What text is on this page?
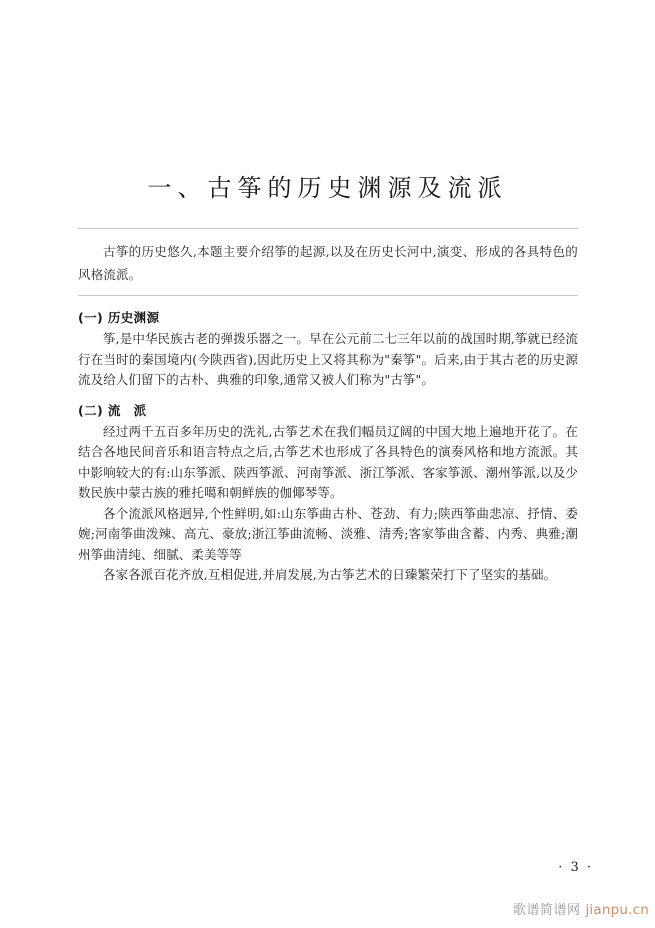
一、古筝的历史渊源及流派

古筝的历史悠久,本题主要介绍筝的起源,以及在历史长河中,演变、形成的各具特色的风格流派。

(一) 历史渊源

筝,是中华民族古老的弹拨乐器之一。早在公元前二七三年以前的战国时期,筝就已经流行在当时的秦国境内(今陕西省),因此历史上又将其称为"秦筝"。后来,由于其古老的历史源流及给人们留下的古朴、典雅的印象,通常又被人们称为"古筝"。

(二) 流　派

经过两千五百多年历史的洗礼,古筝艺术在我们幅员辽阔的中国大地上遍地开花了。在结合各地民间音乐和语言特点之后,古筝艺术也形成了各具特色的演奏风格和地方流派。其中影响较大的有:山东筝派、陕西筝派、河南筝派、浙江筝派、客家筝派、潮州筝派,以及少数民族中蒙古族的雅托噶和朝鲜族的伽倻琴等。

各个流派风格迥异,个性鲜明,如:山东筝曲古朴、苍劲、有力;陕西筝曲悲凉、抒情、委婉;河南筝曲泼辣、高亢、豪放;浙江筝曲流畅、淡雅、清秀;客家筝曲含蓄、内秀、典雅;潮州筝曲清纯、细腻、柔美等等

各家各派百花齐放,互相促进,并肩发展,为古筝艺术的日臻繁荣打下了坚实的基础。

· 3 ·
歌谱简谱网 jianpu.cn
